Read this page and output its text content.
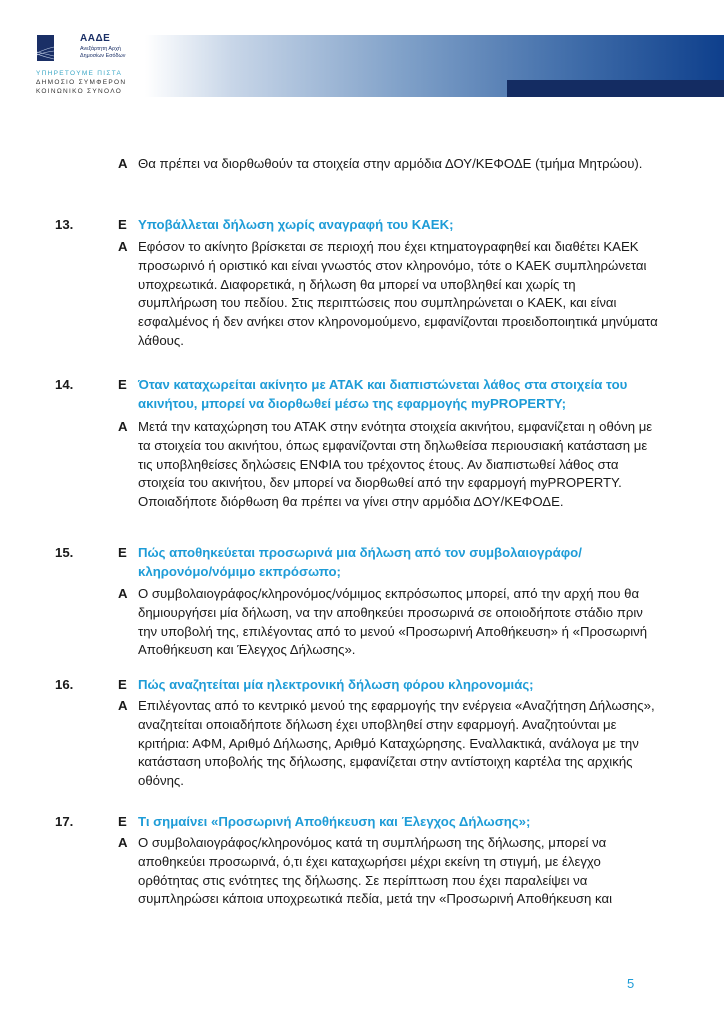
ΑΑΔΕ
Ανεξάρτητη Αρχή
Δημοσίων Εσόδων
ΥΠΗΡΕΤΟΥΜΕ ΠΙΣΤΑ
ΔΗΜΟΣΙΟ ΣΥΜΦΕΡΟΝ
ΚΟΙΝΩΝΙΚΟ ΣΥΝΟΛΟ
Α Θα πρέπει να διορθωθούν τα στοιχεία στην αρμόδια ΔΟΥ/ΚΕΦΟΔΕ (τμήμα Μητρώου).
13.	Ε Υποβάλλεται δήλωση χωρίς αναγραφή του ΚΑΕΚ;
Α Εφόσον το ακίνητο βρίσκεται σε περιοχή που έχει κτηματογραφηθεί και διαθέτει ΚΑΕΚ προσωρινό ή οριστικό και είναι γνωστός στον κληρονόμο, τότε ο ΚΑΕΚ συμπληρώνεται υποχρεωτικά. Διαφορετικά, η δήλωση θα μπορεί να υποβληθεί και χωρίς τη συμπλήρωση του πεδίου. Στις περιπτώσεις που συμπληρώνεται ο ΚΑΕΚ, και είναι εσφαλμένος ή δεν ανήκει στον κληρονομούμενο, εμφανίζονται προειδοποιητικά μηνύματα λάθους.
14.	Ε Όταν καταχωρείται ακίνητο με ΑΤΑΚ και διαπιστώνεται λάθος στα στοιχεία του ακινήτου, μπορεί να διορθωθεί μέσω της εφαρμογής myPROPERTY;
Α Μετά την καταχώρηση του ΑΤΑΚ στην ενότητα στοιχεία ακινήτου, εμφανίζεται η οθόνη με τα στοιχεία του ακινήτου, όπως εμφανίζονται στη δηλωθείσα περιουσιακή κατάσταση με τις υποβληθείσες δηλώσεις ΕΝΦΙΑ του τρέχοντος έτους. Αν διαπιστωθεί λάθος στα στοιχεία του ακινήτου, δεν μπορεί να διορθωθεί από την εφαρμογή myPROPERTY. Οποιαδήποτε διόρθωση θα πρέπει να γίνει στην αρμόδια ΔΟΥ/ΚΕΦΟΔΕ.
15.	Ε Πώς αποθηκεύεται προσωρινά μια δήλωση από τον συμβολαιογράφο/ κληρονόμο/νόμιμο εκπρόσωπο;
Α Ο συμβολαιογράφος/κληρονόμος/νόμιμος εκπρόσωπος μπορεί, από την αρχή που θα δημιουργήσει μία δήλωση, να την αποθηκεύει προσωρινά σε οποιοδήποτε στάδιο πριν την υποβολή της, επιλέγοντας από το μενού «Προσωρινή Αποθήκευση» ή «Προσωρινή Αποθήκευση και Έλεγχος Δήλωσης».
16.	Ε Πώς αναζητείται μία ηλεκτρονική δήλωση φόρου κληρονομιάς;
Α Επιλέγοντας από το κεντρικό μενού της εφαρμογής την ενέργεια «Αναζήτηση Δήλωσης», αναζητείται οποιαδήποτε δήλωση έχει υποβληθεί στην εφαρμογή. Αναζητούνται με κριτήρια: ΑΦΜ, Αριθμό Δήλωσης, Αριθμό Καταχώρησης. Εναλλακτικά, ανάλογα με την κατάσταση υποβολής της δήλωσης, εμφανίζεται στην αντίστοιχη καρτέλα της αρχικής οθόνης.
17.	Ε Τι σημαίνει «Προσωρινή Αποθήκευση και Έλεγχος Δήλωσης»;
Α Ο συμβολαιογράφος/κληρονόμος κατά τη συμπλήρωση της δήλωσης, μπορεί να αποθηκεύει προσωρινά, ό,τι έχει καταχωρήσει μέχρι εκείνη τη στιγμή, με έλεγχο ορθότητας στις ενότητες της δήλωσης. Σε περίπτωση που έχει παραλείψει να συμπληρώσει κάποια υποχρεωτικά πεδία, μετά την «Προσωρινή Αποθήκευση και
5
